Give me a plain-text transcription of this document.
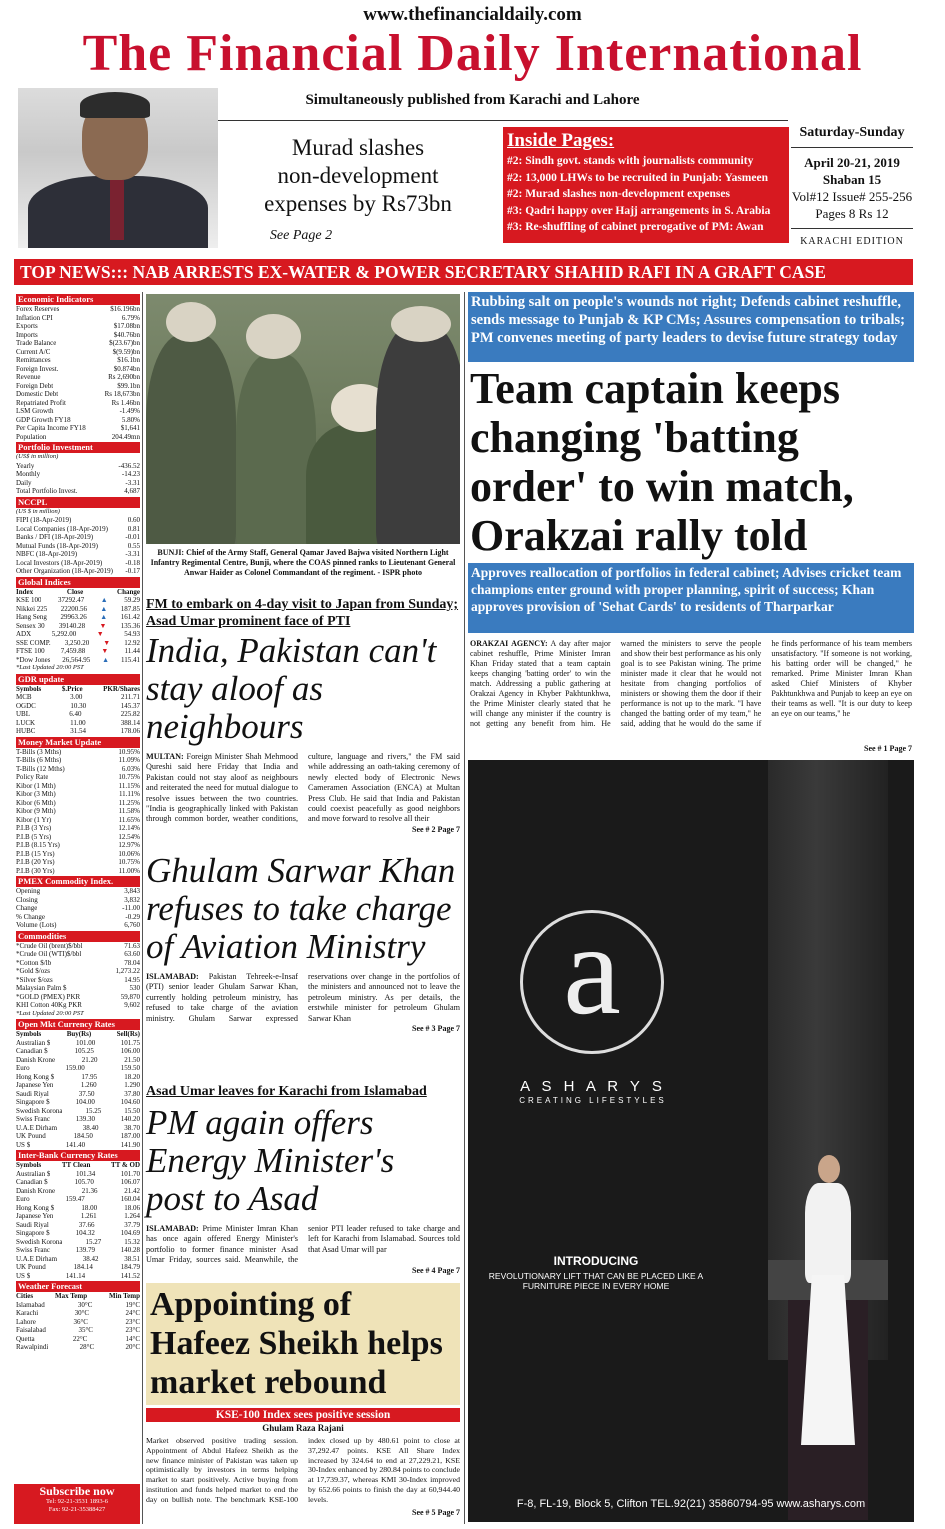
www.thefinancialdaily.com
The Financial Daily International
Simultaneously published from Karachi and Lahore
Murad slashes
non-development
expenses by Rs73bn
See Page 2
Inside Pages:
#2: Sindh govt. stands with journalists community
#2: 13,000 LHWs to be recruited in Punjab: Yasmeen
#2: Murad slashes non-development expenses
#3: Qadri happy over Hajj arrangements in S. Arabia
#3: Re-shuffling of cabinet prerogative of PM: Awan
Saturday-Sunday
April 20-21, 2019
Shaban 15
Vol#12 Issue# 255-256
Pages 8 Rs 12
KARACHI EDITION
TOP NEWS::: NAB ARRESTS EX-WATER & POWER SECRETARY SHAHID RAFI IN A GRAFT CASE
Economic Indicators
Forex Reserves	$16.196bn
Inflation CPI	6.79%
Exports	$17.08bn
Imports	$40.76bn
Trade Balance	$(23.67)bn
Current A/C	$(9.59)bn
Remittances	$16.1bn
Foreign Invest.	$0.874bn
Revenue	Rs 2,690bn
Foreign Debt	$99.1bn
Domestic Debt	Rs 18,673bn
Repatriated Profit	Rs 1.46bn
LSM Growth	-1.49%
GDP Growth FY18	5.80%
Per Capita Income FY18	$1,641
Population	204.49mn
Portfolio Investment
(US$ in million)
Yearly	-436.52
Monthly	-14.23
Daily	-3.31
Total Portfolio Invest.	4,687
NCCPL
(US $ in million)
FIPI (18-Apr-2019)	0.60
Local Companies (18-Apr-2019)	0.81
Banks / DFI (18-Apr-2019)	-0.01
Mutual Funds (18-Apr-2019)	0.55
NBFC (18-Apr-2019)	-3.31
Local Investors (18-Apr-2019)	-0.18
Other Organization (18-Apr-2019) -0.17
Global Indices
Index	Close	Change
KSE 100 37292.47 ▲ 59.29
Nikkei 225 22200.56 ▲ 187.85
Hang Seng 29963.26 ▲ 161.42
Sensex 30 39140.28 ▼ 135.36
ADX	5,292.00	▼	54.93
SSE COMP. 3,250.20 ▼ 12.92
FTSE 100 7,459.88 ▼ 11.44
*Dow Jones 26,564.95 ▲ 115.41
*Last Updated 20:00 PST
GDR update
Symbols	$.Price	PKR/Shares
MCB	3.00	211.71
OGDC	10.30	145.37
UBL	6.40	225.82
LUCK	11.00	388.14
HUBC	31.54	178.06
Money Market Update
T-Bills (3 Mths)	10.95%
T-Bills (6 Mths)	11.09%
T-Bills (12 Mths)	6.03%
Policy Rate	10.75%
Kibor (1 Mth)	11.15%
Kibor (3 Mth)	11.11%
Kibor (6 Mth)	11.25%
Kibor (9 Mth)	11.58%
Kibor (1 Yr)	11.65%
P.I.B (3 Yrs)	12.14%
P.I.B (5 Yrs)	12.54%
P.I.B (8.15 Yrs)	12.97%
P.I.B (15 Yrs)	10.06%
P.I.B (20 Yrs)	10.75%
P.I.B (30 Yrs)	11.00%
PMEX Commodity Index.
Opening	3,843
Closing	3,832
Change	-11.00
% Change	-0.29
Volume (Lots)	6,760
Commodities
*Crude Oil (brent)$/bbl	71.63
*Crude Oil (WTI)$/bbl	63.60
*Cotton $/lb	78.04
*Gold $/ozs	1,273.22
*Silver $/ozs	14.95
Malaysian Palm $	530
*GOLD (PMEX) PKR	59,870
KHI Cotton 40Kg PKR	9,602
*Last Updated 20:00 PST
Open Mkt Currency Rates
Symbols	Buy(Rs)	Sell(Rs)
Australian $	101.00	101.75
Canadian $	105.25	106.00
Danish Krone	21.20	21.50
Euro	159.00	159.50
Hong Kong $	17.95	18.20
Japanese Yen	1.260	1.290
Saudi Riyal	37.50	37.80
Singapore $	104.00	104.60
Swedish Korona	15.25	15.50
Swiss Franc	139.30	140.20
U.A.E Dirham	38.40	38.70
UK Pound	184.50	187.00
US $	141.40	141.90
Inter-Bank Currency Rates
Symbols	TT Clean	TT & OD
Australian $	101.34	101.70
Canadian $	105.70	106.07
Danish Krone	21.36	21.42
Euro	159.47	160.04
Hong Kong $	18.00	18.06
Japanese Yen	1.261	1.264
Saudi Riyal	37.66	37.79
Singapore $	104.32	104.69
Swedish Korona	15.27	15.32
Swiss Franc	139.79	140.28
U.A.E Dirham	38.42	38.51
UK Pound	184.14	184.79
US $	141.14	141.52
Weather Forecast
Cities	Max Temp	Min Temp
Islamabad	30°C	19°C
Karachi	30°C	24°C
Lahore	36°C	23°C
Faisalabad	35°C	23°C
Quetta	22°C	14°C
Rawalpindi	28°C	20°C
Subscribe now
Tel: 92-21-3531 1893-6
Fax: 92-21-35388427
BUNJI: Chief of the Army Staff, General Qamar Javed Bajwa visited Northern Light Infantry Regimental Centre, Bunji, where the COAS pinned ranks to Lieutenant General Anwar Haider as Colonel Commandant of the regiment. - ISPR photo
FM to embark on 4-day visit to Japan from Sunday; Asad Umar prominent face of PTI
India, Pakistan can't stay aloof as neighbours
MULTAN: Foreign Minister Shah Mehmood Qureshi said here Friday that India and Pakistan could not stay aloof as neighbours and reiterated the need for mutual dialogue to resolve issues between the two countries. "India is geographically linked with Pakistan through common border, weather conditions, culture, language and rivers," the FM said while addressing an oath-taking ceremony of newly elected body of Electronic News Cameramen Association (ENCA) at Multan Press Club. He said that India and Pakistan could coexist peacefully as good neighbors and move forward to resolve all their
See # 2 Page 7
Ghulam Sarwar Khan refuses to take charge of Aviation Ministry
ISLAMABAD: Pakistan Tehreek-e-Insaf (PTI) senior leader Ghulam Sarwar Khan, currently holding petroleum ministry, has refused to take charge of the aviation ministry. Ghulam Sarwar expressed reservations over change in the portfolios of the ministers and announced not to leave the petroleum ministry. As per details, the erstwhile minister for petroleum Ghulam Sarwar Khan
See # 3 Page 7
Asad Umar leaves for Karachi from Islamabad
PM again offers Energy Minister's post to Asad
ISLAMABAD: Prime Minister Imran Khan has once again offered Energy Minister's portfolio to former finance minister Asad Umar Friday, sources said. Meanwhile, the senior PTI leader refused to take charge and left for Karachi from Islamabad. Sources told that Asad Umar will par
See # 4 Page 7
Appointing of Hafeez Sheikh helps market rebound
KSE-100 Index sees positive session
Ghulam Raza Rajani
Market observed positive trading session. Appointment of Abdul Hafeez Sheikh as the new finance minister of Pakistan was taken up optimistically by investors in terms helping market to start positively. Active buying from institution and funds helped market to end the day on bullish note. The benchmark KSE-100 index closed up by 480.61 point to close at 37,292.47 points. KSE All Share Index increased by 324.64 to end at 27,229.21, KSE 30-Index enhanced by 280.84 points to conclude at 17,739.37, whereas KMI 30-Index improved by 652.66 points to finish the day at 60,944.40 levels.
See # 5 Page 7
Rubbing salt on people's wounds not right; Defends cabinet reshuffle, sends message to Punjab & KP CMs; Assures compensation to tribals; PM convenes meeting of party leaders to devise future strategy today
Team captain keeps changing 'batting order' to win match, Orakzai rally told
Approves reallocation of portfolios in federal cabinet; Advises cricket team champions enter ground with proper planning, spirit of success; Khan approves provision of 'Sehat Cards' to residents of Tharparkar
ORAKZAI AGENCY: A day after major cabinet reshuffle, Prime Minister Imran Khan Friday stated that a team captain keeps changing 'batting order' to win the match. Addressing a public gathering at Orakzai Agency in Khyber Pakhtunkhwa, the Prime Minister clearly stated that he will change any minister if the country is not getting any benefit from him. He warned the ministers to serve the people and show their best performance as his only goal is to see Pakistan wining. The prime minister made it clear that he would not hesitate from changing portfolios of ministers or showing them the door if their performance is not up to the mark. "I have changed the batting order of my team," he said, adding that he would do the same if he finds performance of his team members unsatisfactory. "If someone is not working, his batting order will be changed," he remarked. Prime Minister Imran Khan asked Chief Ministers of Khyber Pakhtunkhwa and Punjab to keep an eye on their teams as well. "It is our duty to keep an eye on our teams," he
See # 1 Page 7
a
A S H A R Y S
CREATING LIFESTYLES
INTRODUCING
REVOLUTIONARY LIFT THAT CAN BE PLACED LIKE A FURNITURE PIECE IN EVERY HOME
F-8, FL-19, Block 5, Clifton TEL.92(21) 35860794-95 www.asharys.com
